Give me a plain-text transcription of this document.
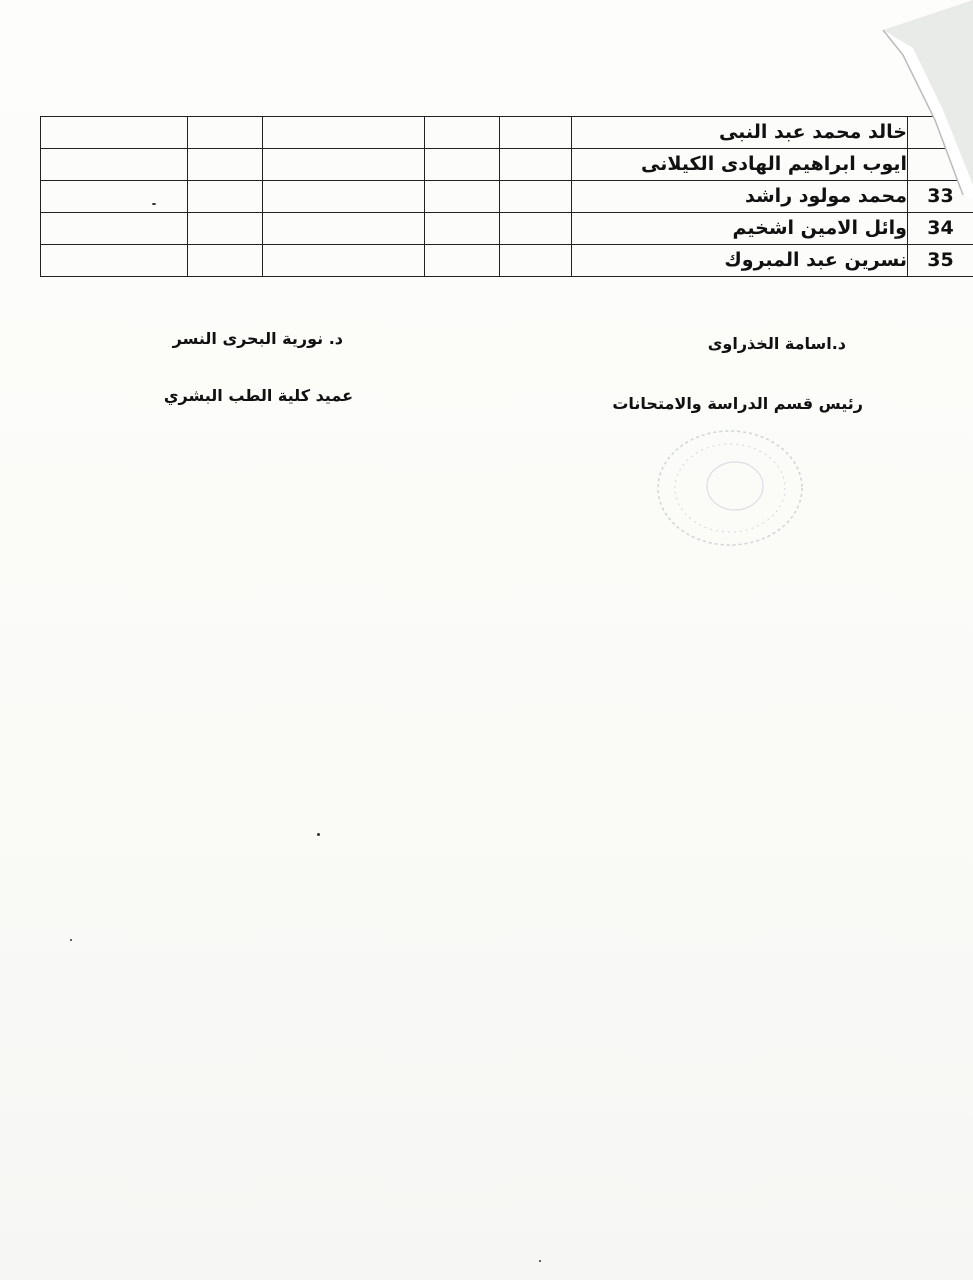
					خالد محمد عبد النبى	
					ايوب ابراهيم الهادى الكيلانى	
					محمد مولود راشد	33
					وائل الامين اشخيم	34
					نسرين عبد المبروك	35
د.اسامة الخذراوى
رئيس قسم الدراسة والامتحانات
د. نورية البحرى النسر
عميد كلية الطب البشري
